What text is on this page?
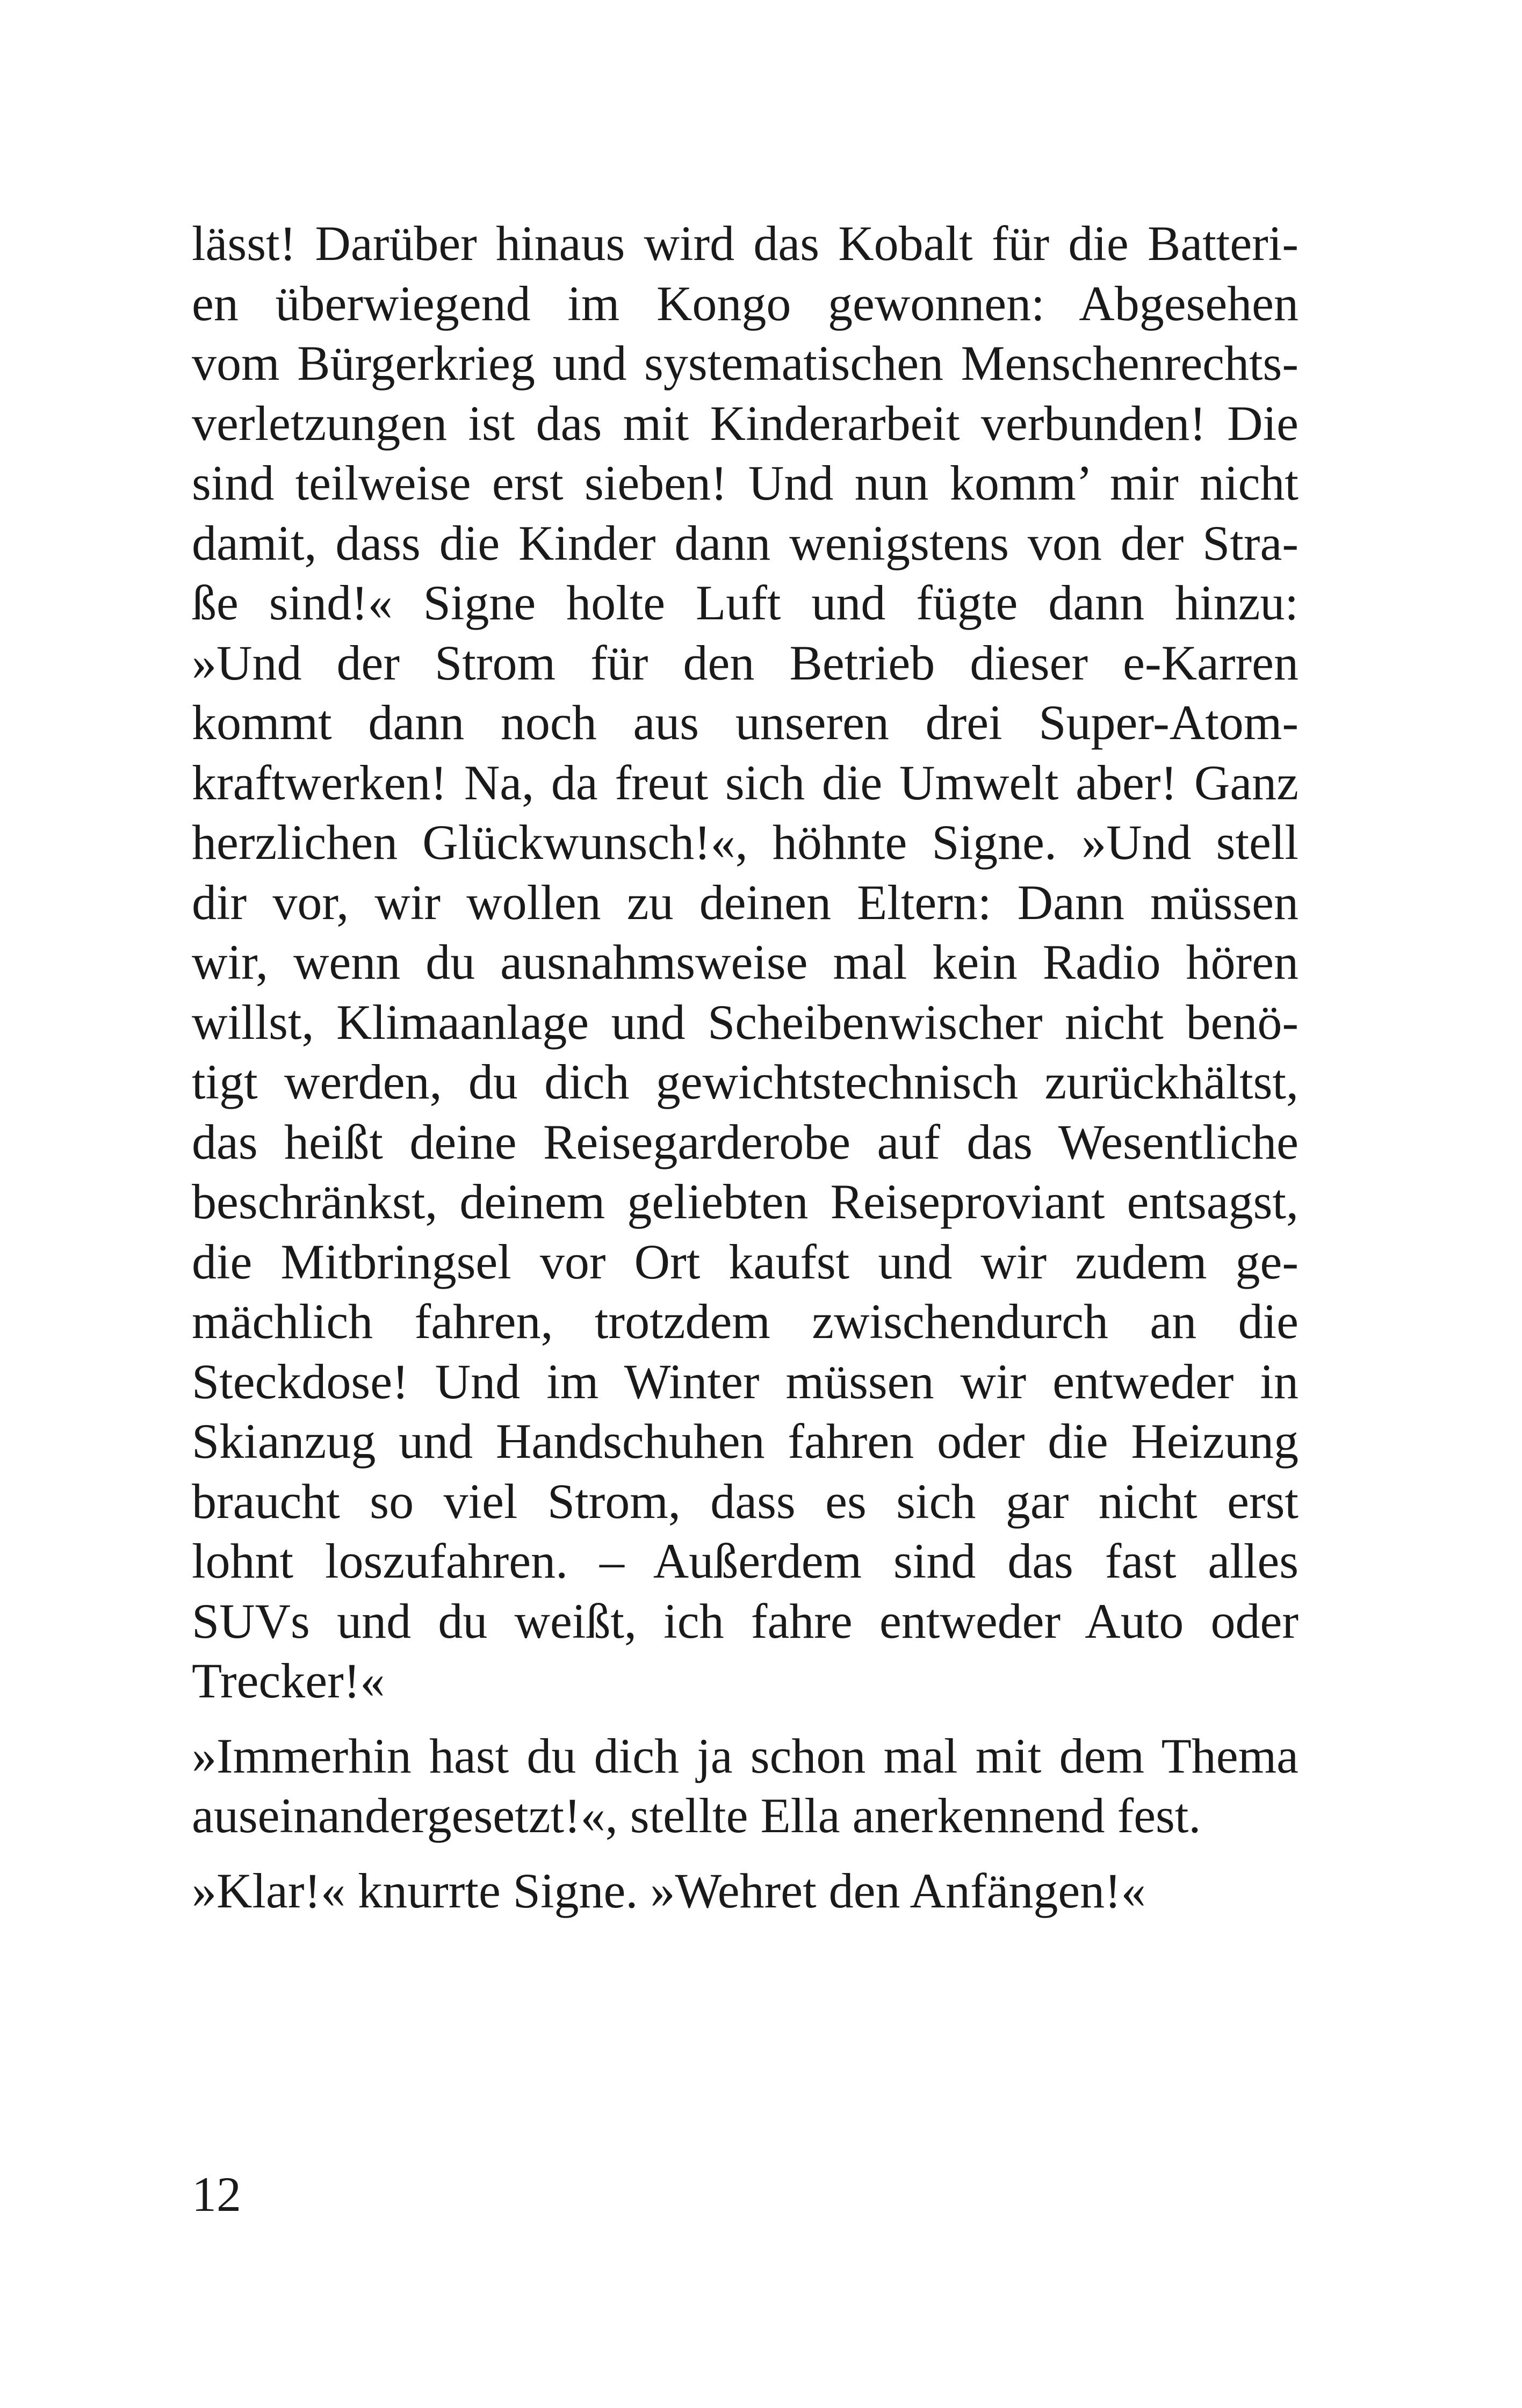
lässt! Darüber hinaus wird das Kobalt für die Batteri-
en überwiegend im Kongo gewonnen: Abgesehen
vom Bürgerkrieg und systematischen Menschenrechts-
verletzungen ist das mit Kinderarbeit verbunden! Die
sind teilweise erst sieben! Und nun komm’ mir nicht
damit, dass die Kinder dann wenigstens von der Stra-
ße sind!« Signe holte Luft und fügte dann hinzu:
»Und der Strom für den Betrieb dieser e-Karren
kommt dann noch aus unseren drei Super-Atom-
kraftwerken! Na, da freut sich die Umwelt aber! Ganz
herzlichen Glückwunsch!«, höhnte Signe. »Und stell
dir vor, wir wollen zu deinen Eltern: Dann müssen
wir, wenn du ausnahmsweise mal kein Radio hören
willst, Klimaanlage und Scheibenwischer nicht benö-
tigt werden, du dich gewichtstechnisch zurückhältst,
das heißt deine Reisegarderobe auf das Wesentliche
beschränkst, deinem geliebten Reiseproviant entsagst,
die Mitbringsel vor Ort kaufst und wir zudem ge-
mächlich fahren, trotzdem zwischendurch an die
Steckdose! Und im Winter müssen wir entweder in
Skianzug und Handschuhen fahren oder die Heizung
braucht so viel Strom, dass es sich gar nicht erst
lohnt loszufahren. – Außerdem sind das fast alles
SUVs und du weißt, ich fahre entweder Auto oder
Trecker!«
»Immerhin hast du dich ja schon mal mit dem Thema
auseinandergesetzt!«, stellte Ella anerkennend fest.
»Klar!« knurrte Signe. »Wehret den Anfängen!«
12
